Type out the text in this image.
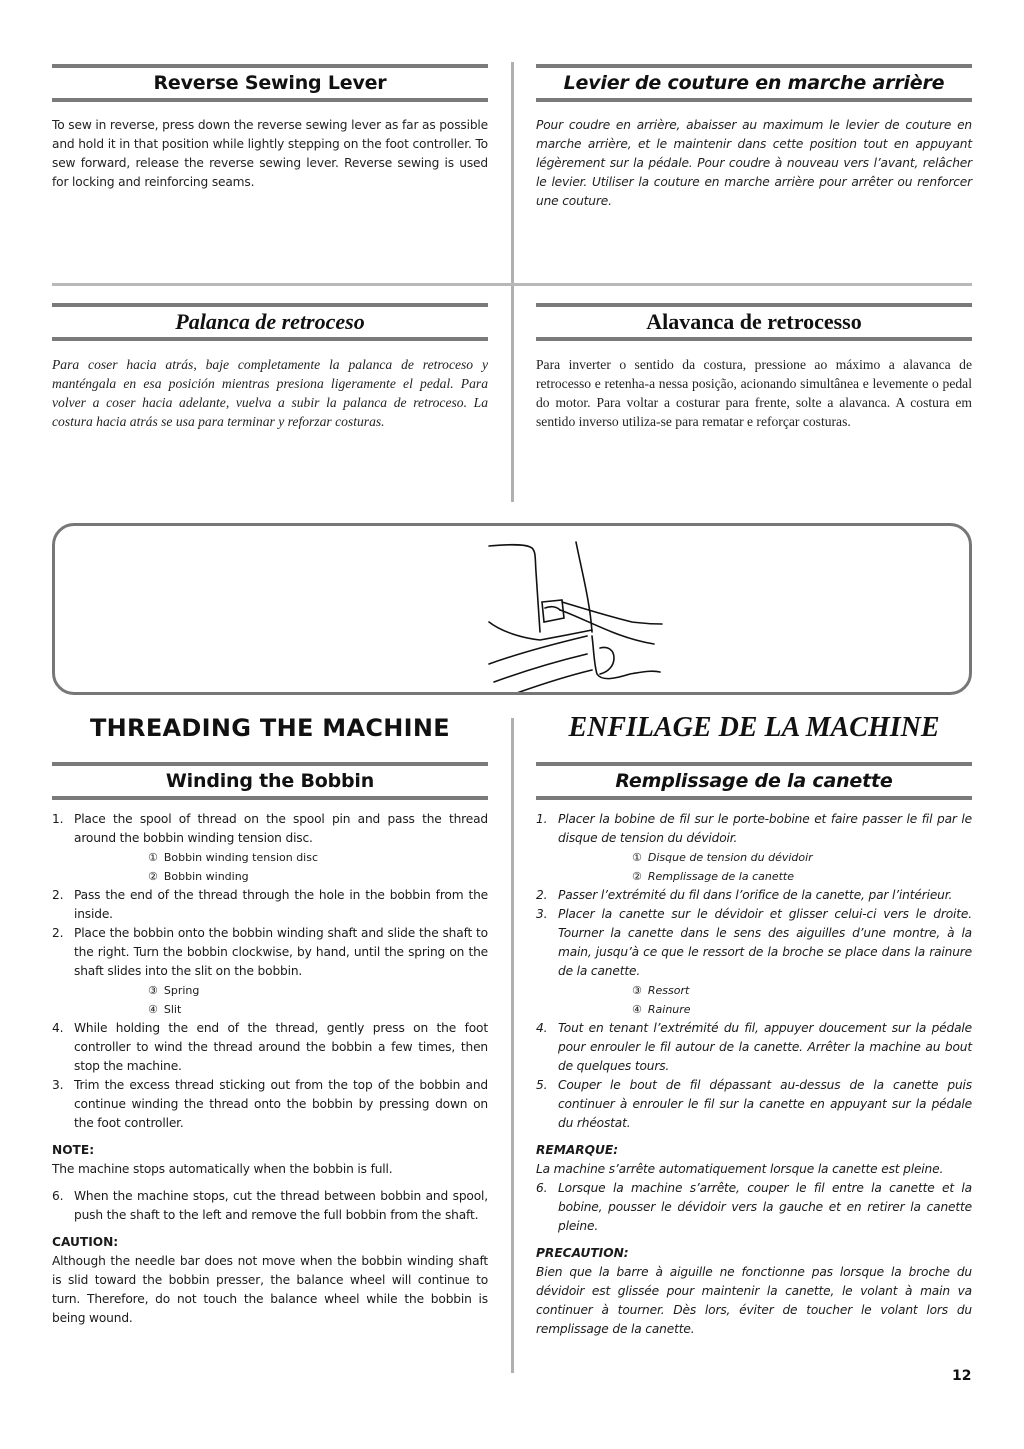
Reverse Sewing Lever

To sew in reverse, press down the reverse sewing lever as far as possible and hold it in that position while lightly stepping on the foot controller. To sew forward, release the reverse sewing lever. Reverse sewing is used for locking and reinforcing seams.

Levier de couture en marche arrière

Pour coudre en arrière, abaisser au maximum le levier de couture en marche arrière, et le maintenir dans cette position tout en appuyant légèrement sur la pédale. Pour coudre à nouveau vers l’avant, relâcher le levier. Utiliser la couture en marche arrière pour arrêter ou renforcer une couture.

Palanca de retroceso

Para coser hacia atrás, baje completamente la palanca de retroceso y manténgala en esa posición mientras presiona ligeramente el pedal. Para volver a coser hacia adelante, vuelva a subir la palanca de retroceso. La costura hacia atrás se usa para terminar y reforzar costuras.

Alavanca de retrocesso

Para inverter o sentido da costura, pressione ao máximo a alavanca de retrocesso e retenha-a nessa posição, acionando simultânea e levemente o pedal do motor. Para voltar a costurar para frente, solte a alavanca. A costura em sentido inverso utiliza-se para rematar e reforçar costuras.

THREADING THE MACHINE
Winding the Bobbin
1. Place the spool of thread on the spool pin and pass the thread around the bobbin winding tension disc.
① Bobbin winding tension disc
② Bobbin winding
2. Pass the end of the thread through the hole in the bobbin from the inside.
2. Place the bobbin onto the bobbin winding shaft and slide the shaft to the right. Turn the bobbin clockwise, by hand, until the spring on the shaft slides into the slit on the bobbin.
③ Spring
④ Slit
4. While holding the end of the thread, gently press on the foot controller to wind the thread around the bobbin a few times, then stop the machine.
3. Trim the excess thread sticking out from the top of the bobbin and continue winding the thread onto the bobbin by pressing down on the foot controller.
NOTE:
The machine stops automatically when the bobbin is full.
6. When the machine stops, cut the thread between bobbin and spool, push the shaft to the left and remove the full bobbin from the shaft.
CAUTION:
Although the needle bar does not move when the bobbin winding shaft is slid toward the bobbin presser, the balance wheel will continue to turn. Therefore, do not touch the balance wheel while the bobbin is being wound.
ENFILAGE DE LA MACHINE
Remplissage de la canette
1. Placer la bobine de fil sur le porte-bobine et faire passer le fil par le disque de tension du dévidoir.
① Disque de tension du dévidoir
② Remplissage de la canette
2. Passer l’extrémité du fil dans l’orifice de la canette, par l’intérieur.
3. Placer la canette sur le dévidoir et glisser celui-ci vers le droite. Tourner la canette dans le sens des aiguilles d’une montre, à la main, jusqu’à ce que le ressort de la broche se place dans la rainure de la canette.
③ Ressort
④ Rainure
4. Tout en tenant l’extrémité du fil, appuyer doucement sur la pédale pour enrouler le fil autour de la canette. Arrêter la machine au bout de quelques tours.
5. Couper le bout de fil dépassant au-dessus de la canette puis continuer à enrouler le fil sur la canette en appuyant sur la pédale du rhéostat.
REMARQUE:
La machine s’arrête automatiquement lorsque la canette est pleine.
6. Lorsque la machine s’arrête, couper le fil entre la canette et la bobine, pousser le dévidoir vers la gauche et en retirer la canette pleine.
PRECAUTION:
Bien que la barre à aiguille ne fonctionne pas lorsque la broche du dévidoir est glissée pour maintenir la canette, le volant à main va continuer à tourner. Dès lors, éviter de toucher le volant lors du remplissage de la canette.
12
